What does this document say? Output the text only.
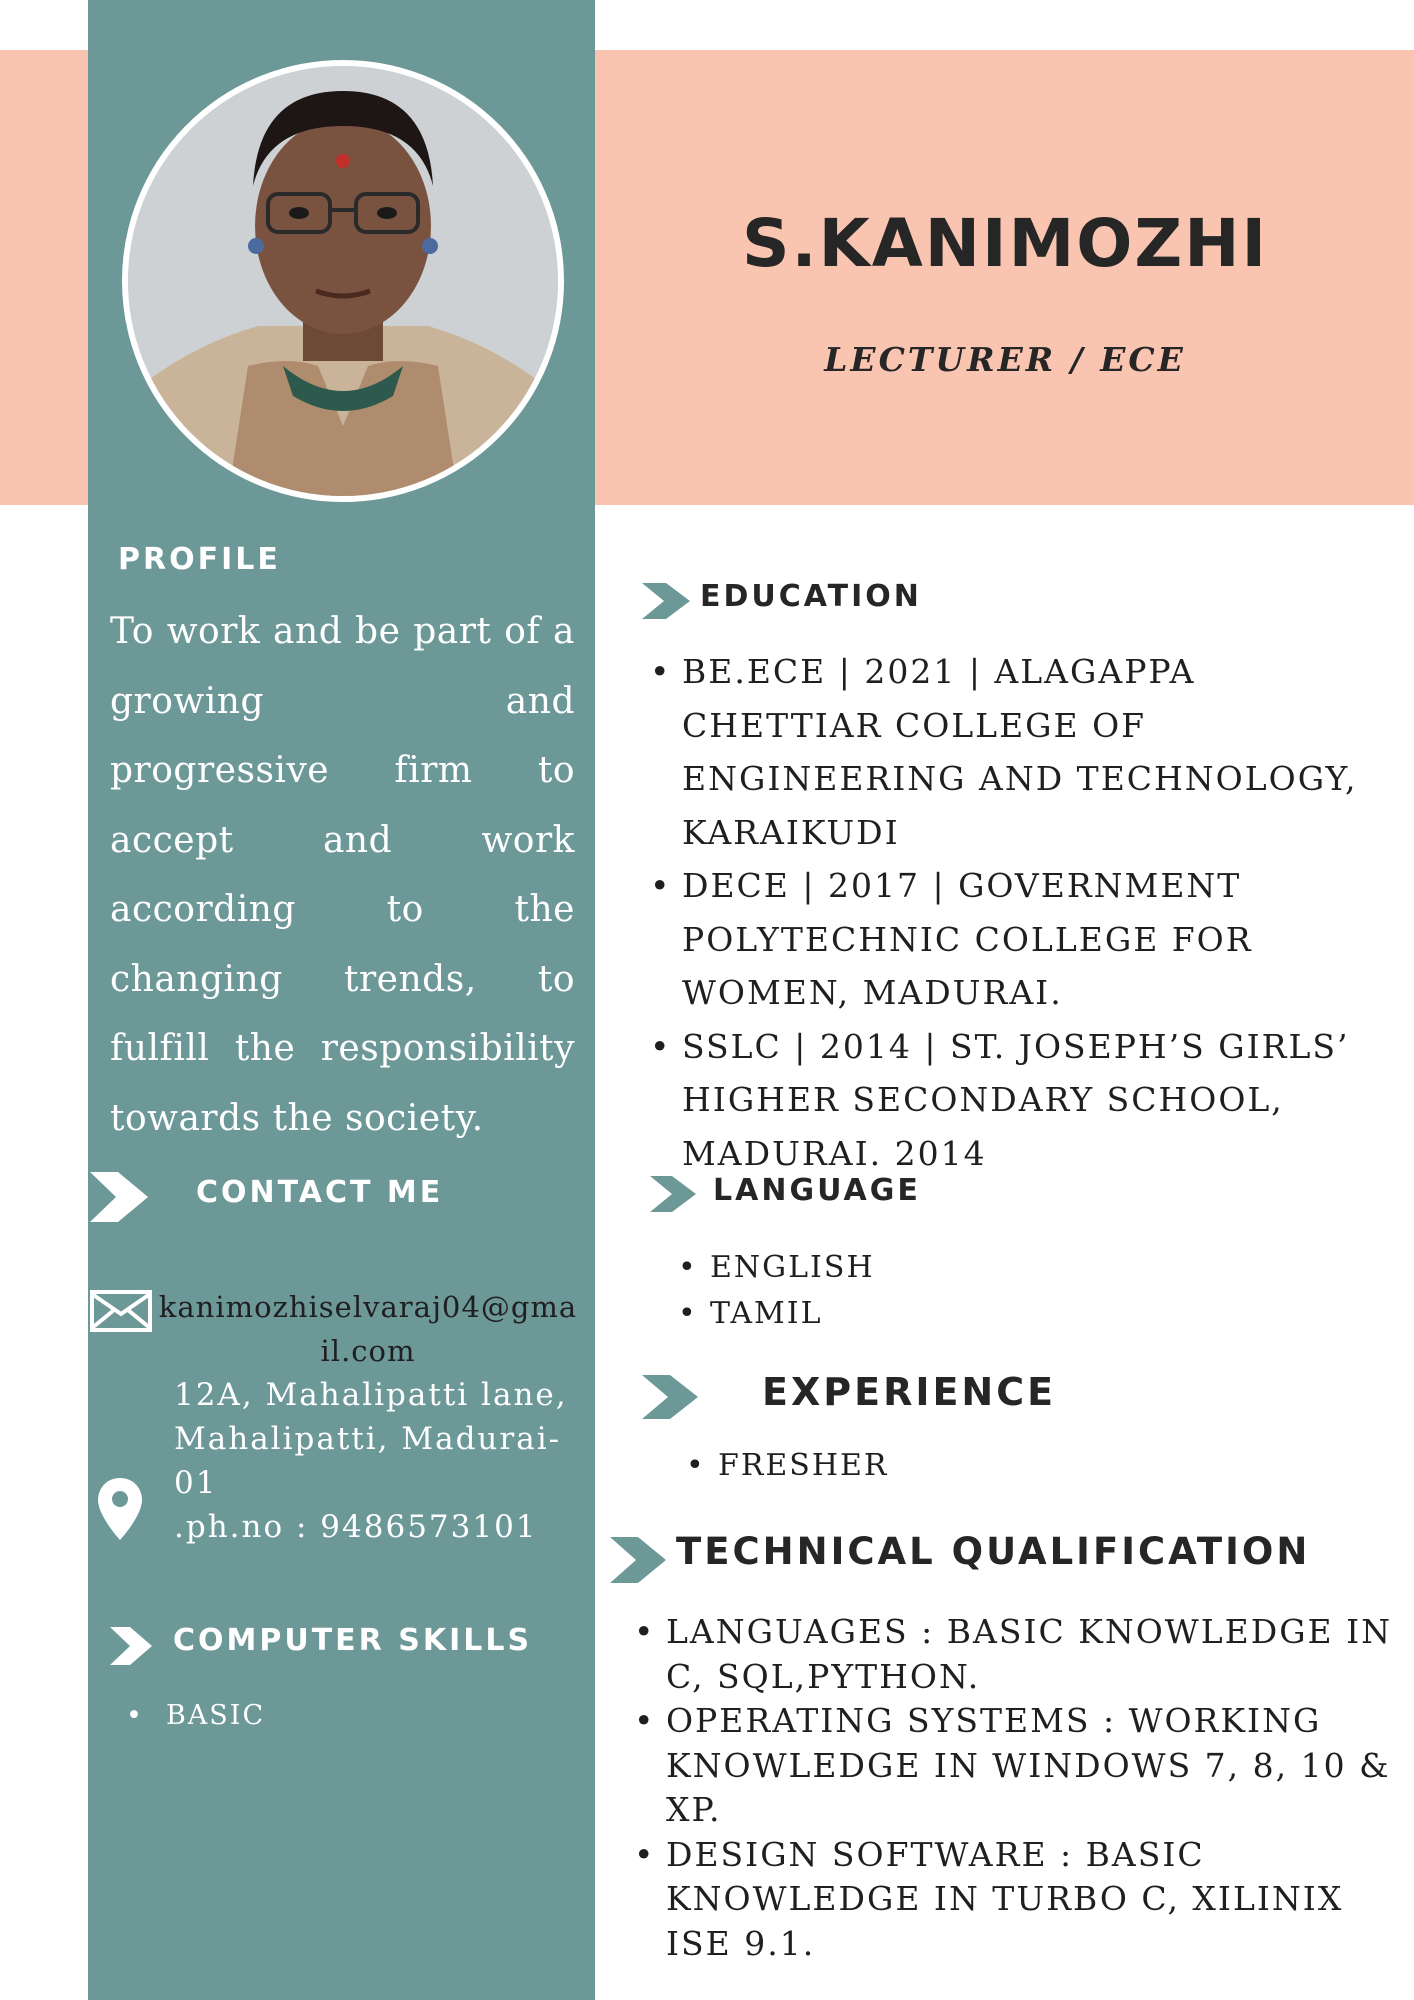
S.KANIMOZHI
LECTURER / ECE
PROFILE
To work and be part of a growing and progressive firm to accept and work according to the changing trends, to fulfill the responsibility towards the society.
CONTACT ME
kanimozhiselvaraj04@gmail.com
12A, Mahalipatti lane,
Mahalipatti, Madurai-
01
.ph.no : 9486573101
COMPUTER SKILLS
• BASIC
EDUCATION
• BE.ECE | 2021 | ALAGAPPA CHETTIAR COLLEGE OF ENGINEERING AND TECHNOLOGY, KARAIKUDI
• DECE | 2017 | GOVERNMENT POLYTECHNIC COLLEGE FOR WOMEN, MADURAI.
• SSLC | 2014 | ST. JOSEPH’S GIRLS’ HIGHER SECONDARY SCHOOL, MADURAI. 2014
LANGUAGE
• ENGLISH
• TAMIL
EXPERIENCE
• FRESHER
TECHNICAL QUALIFICATION
• LANGUAGES : BASIC KNOWLEDGE IN C, SQL,PYTHON.
• OPERATING SYSTEMS : WORKING KNOWLEDGE IN WINDOWS 7, 8, 10 & XP.
• DESIGN SOFTWARE : BASIC KNOWLEDGE IN TURBO C, XILINIX ISE 9.1.
